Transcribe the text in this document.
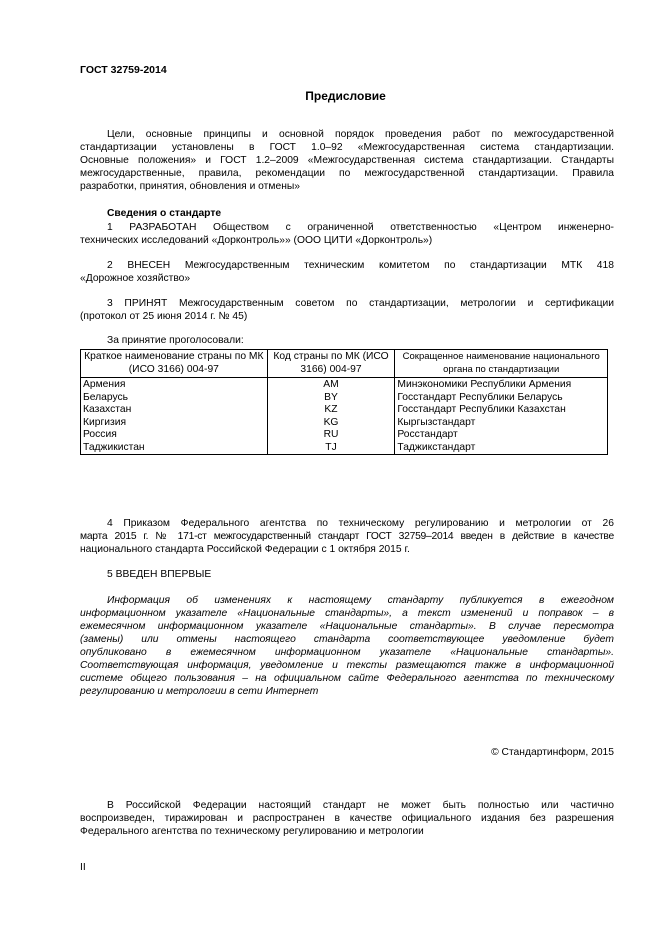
ГОСТ 32759-2014
Предисловие
Цели, основные принципы и основной порядок проведения работ по межгосударственной
стандартизации установлены в ГОСТ 1.0–92 «Межгосударственная система стандартизации.
Основные положения» и ГОСТ 1.2–2009 «Межгосударственная система стандартизации. Стандарты
межгосударственные, правила, рекомендации по межгосударственной стандартизации. Правила
разработки, принятия, обновления и отмены»
Сведения о стандарте
1 РАЗРАБОТАН Обществом с ограниченной ответственностью «Центром инженерно-
технических исследований «Дорконтроль»» (ООО ЦИТИ «Дорконтроль»)
2 ВНЕСЕН Межгосударственным техническим комитетом по стандартизации МТК 418
«Дорожное хозяйство»
3 ПРИНЯТ Межгосударственным советом по стандартизации, метрологии и сертификации
(протокол от 25 июня 2014 г. № 45)
За принятие проголосовали:
Краткое наименование страны по МК (ИСО 3166) 004-97	Код страны по МК (ИСО 3166) 004-97	Сокращенное наименование национального органа по стандартизации
Армения	AM	Минэкономики Республики Армения
Беларусь	BY	Госстандарт Республики Беларусь
Казахстан	KZ	Госстандарт Республики Казахстан
Киргизия	KG	Кыргызстандарт
Россия	RU	Росстандарт
Таджикистан	TJ	Таджикстандарт
4 Приказом Федерального агентства по техническому регулированию и метрологии от 26
марта 2015 г. № 171-ст межгосударственный стандарт ГОСТ 32759–2014 введен в действие в качестве
национального стандарта Российской Федерации с 1 октября 2015 г.
5 ВВЕДЕН ВПЕРВЫЕ
Информация об изменениях к настоящему стандарту публикуется в ежегодном
информационном указателе «Национальные стандарты», а текст изменений и поправок – в
ежемесячном информационном указателе «Национальные стандарты». В случае пересмотра
(замены) или отмены настоящего стандарта соответствующее уведомление будет
опубликовано в ежемесячном информационном указателе «Национальные стандарты».
Соответствующая информация, уведомление и тексты размещаются также в информационной
системе общего пользования – на официальном сайте Федерального агентства по техническому
регулированию и метрологии в сети Интернет
© Стандартинформ, 2015
В Российской Федерации настоящий стандарт не может быть полностью или частично
воспроизведен, тиражирован и распространен в качестве официального издания без разрешения
Федерального агентства по техническому регулированию и метрологии
II
